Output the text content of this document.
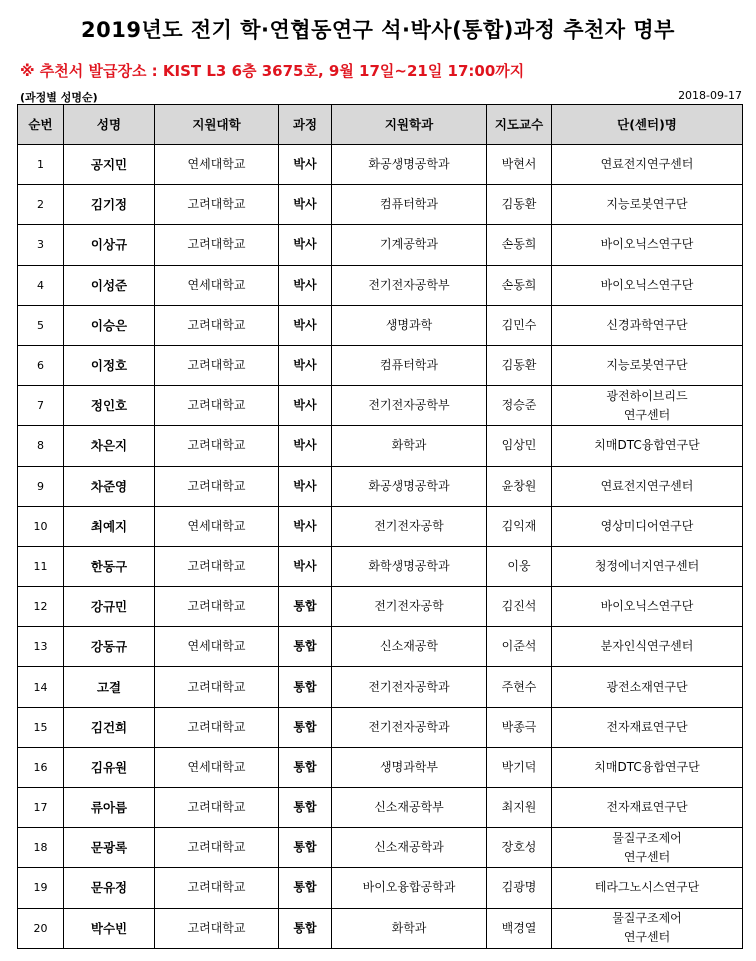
2019년도 전기 학·연협동연구 석·박사(통합)과정 추천자 명부
※ 추천서 발급장소 : KIST L3 6층 3675호, 9월 17일~21일 17:00까지
(과정별 성명순)	2018-09-17
순번	성명	지원대학	과정	지원학과	지도교수	단(센터)명
1	공지민	연세대학교	박사	화공생명공학과	박현서	연료전지연구센터
2	김기정	고려대학교	박사	컴퓨터학과	김동환	지능로봇연구단
3	이상규	고려대학교	박사	기계공학과	손동희	바이오닉스연구단
4	이성준	연세대학교	박사	전기전자공학부	손동희	바이오닉스연구단
5	이승은	고려대학교	박사	생명과학	김민수	신경과학연구단
6	이정호	고려대학교	박사	컴퓨터학과	김동환	지능로봇연구단
7	정인호	고려대학교	박사	전기전자공학부	정승준	광전하이브리드
연구센터
8	차은지	고려대학교	박사	화학과	임상민	치매DTC융합연구단
9	차준영	고려대학교	박사	화공생명공학과	윤창원	연료전지연구센터
10	최예지	연세대학교	박사	전기전자공학	김익재	영상미디어연구단
11	한동구	고려대학교	박사	화학생명공학과	이웅	청정에너지연구센터
12	강규민	고려대학교	통합	전기전자공학	김진석	바이오닉스연구단
13	강동규	연세대학교	통합	신소재공학	이준석	분자인식연구센터
14	고결	고려대학교	통합	전기전자공학과	주현수	광전소재연구단
15	김건희	고려대학교	통합	전기전자공학과	박종극	전자재료연구단
16	김유원	연세대학교	통합	생명과학부	박기덕	치매DTC융합연구단
17	류아름	고려대학교	통합	신소재공학부	최지원	전자재료연구단
18	문광록	고려대학교	통합	신소재공학과	장호성	물질구조제어
연구센터
19	문유정	고려대학교	통합	바이오융합공학과	김광명	테라그노시스연구단
20	박수빈	고려대학교	통합	화학과	백경열	물질구조제어
연구센터
